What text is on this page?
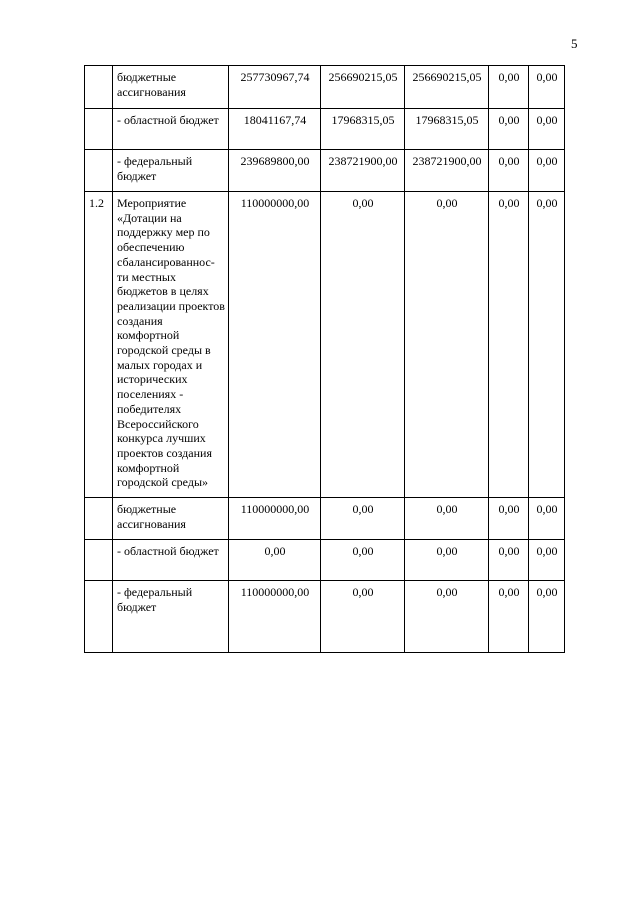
5
	бюджетные ассигнования	257730967,74	256690215,05	256690215,05	0,00	0,00
	- областной бюджет	18041167,74	17968315,05	17968315,05	0,00	0,00
	- федеральный бюджет	239689800,00	238721900,00	238721900,00	0,00	0,00
1.2	Мероприятие «Дотации на поддержку мер по обеспечению сбалансированнос-ти местных бюджетов в целях реализации проектов создания комфортной городской среды в малых городах и исторических поселениях - победителях Всероссийского конкурса лучших проектов создания комфортной городской среды»	110000000,00	0,00	0,00	0,00	0,00
	бюджетные ассигнования	110000000,00	0,00	0,00	0,00	0,00
	- областной бюджет	0,00	0,00	0,00	0,00	0,00
	- федеральный бюджет	110000000,00	0,00	0,00	0,00	0,00
